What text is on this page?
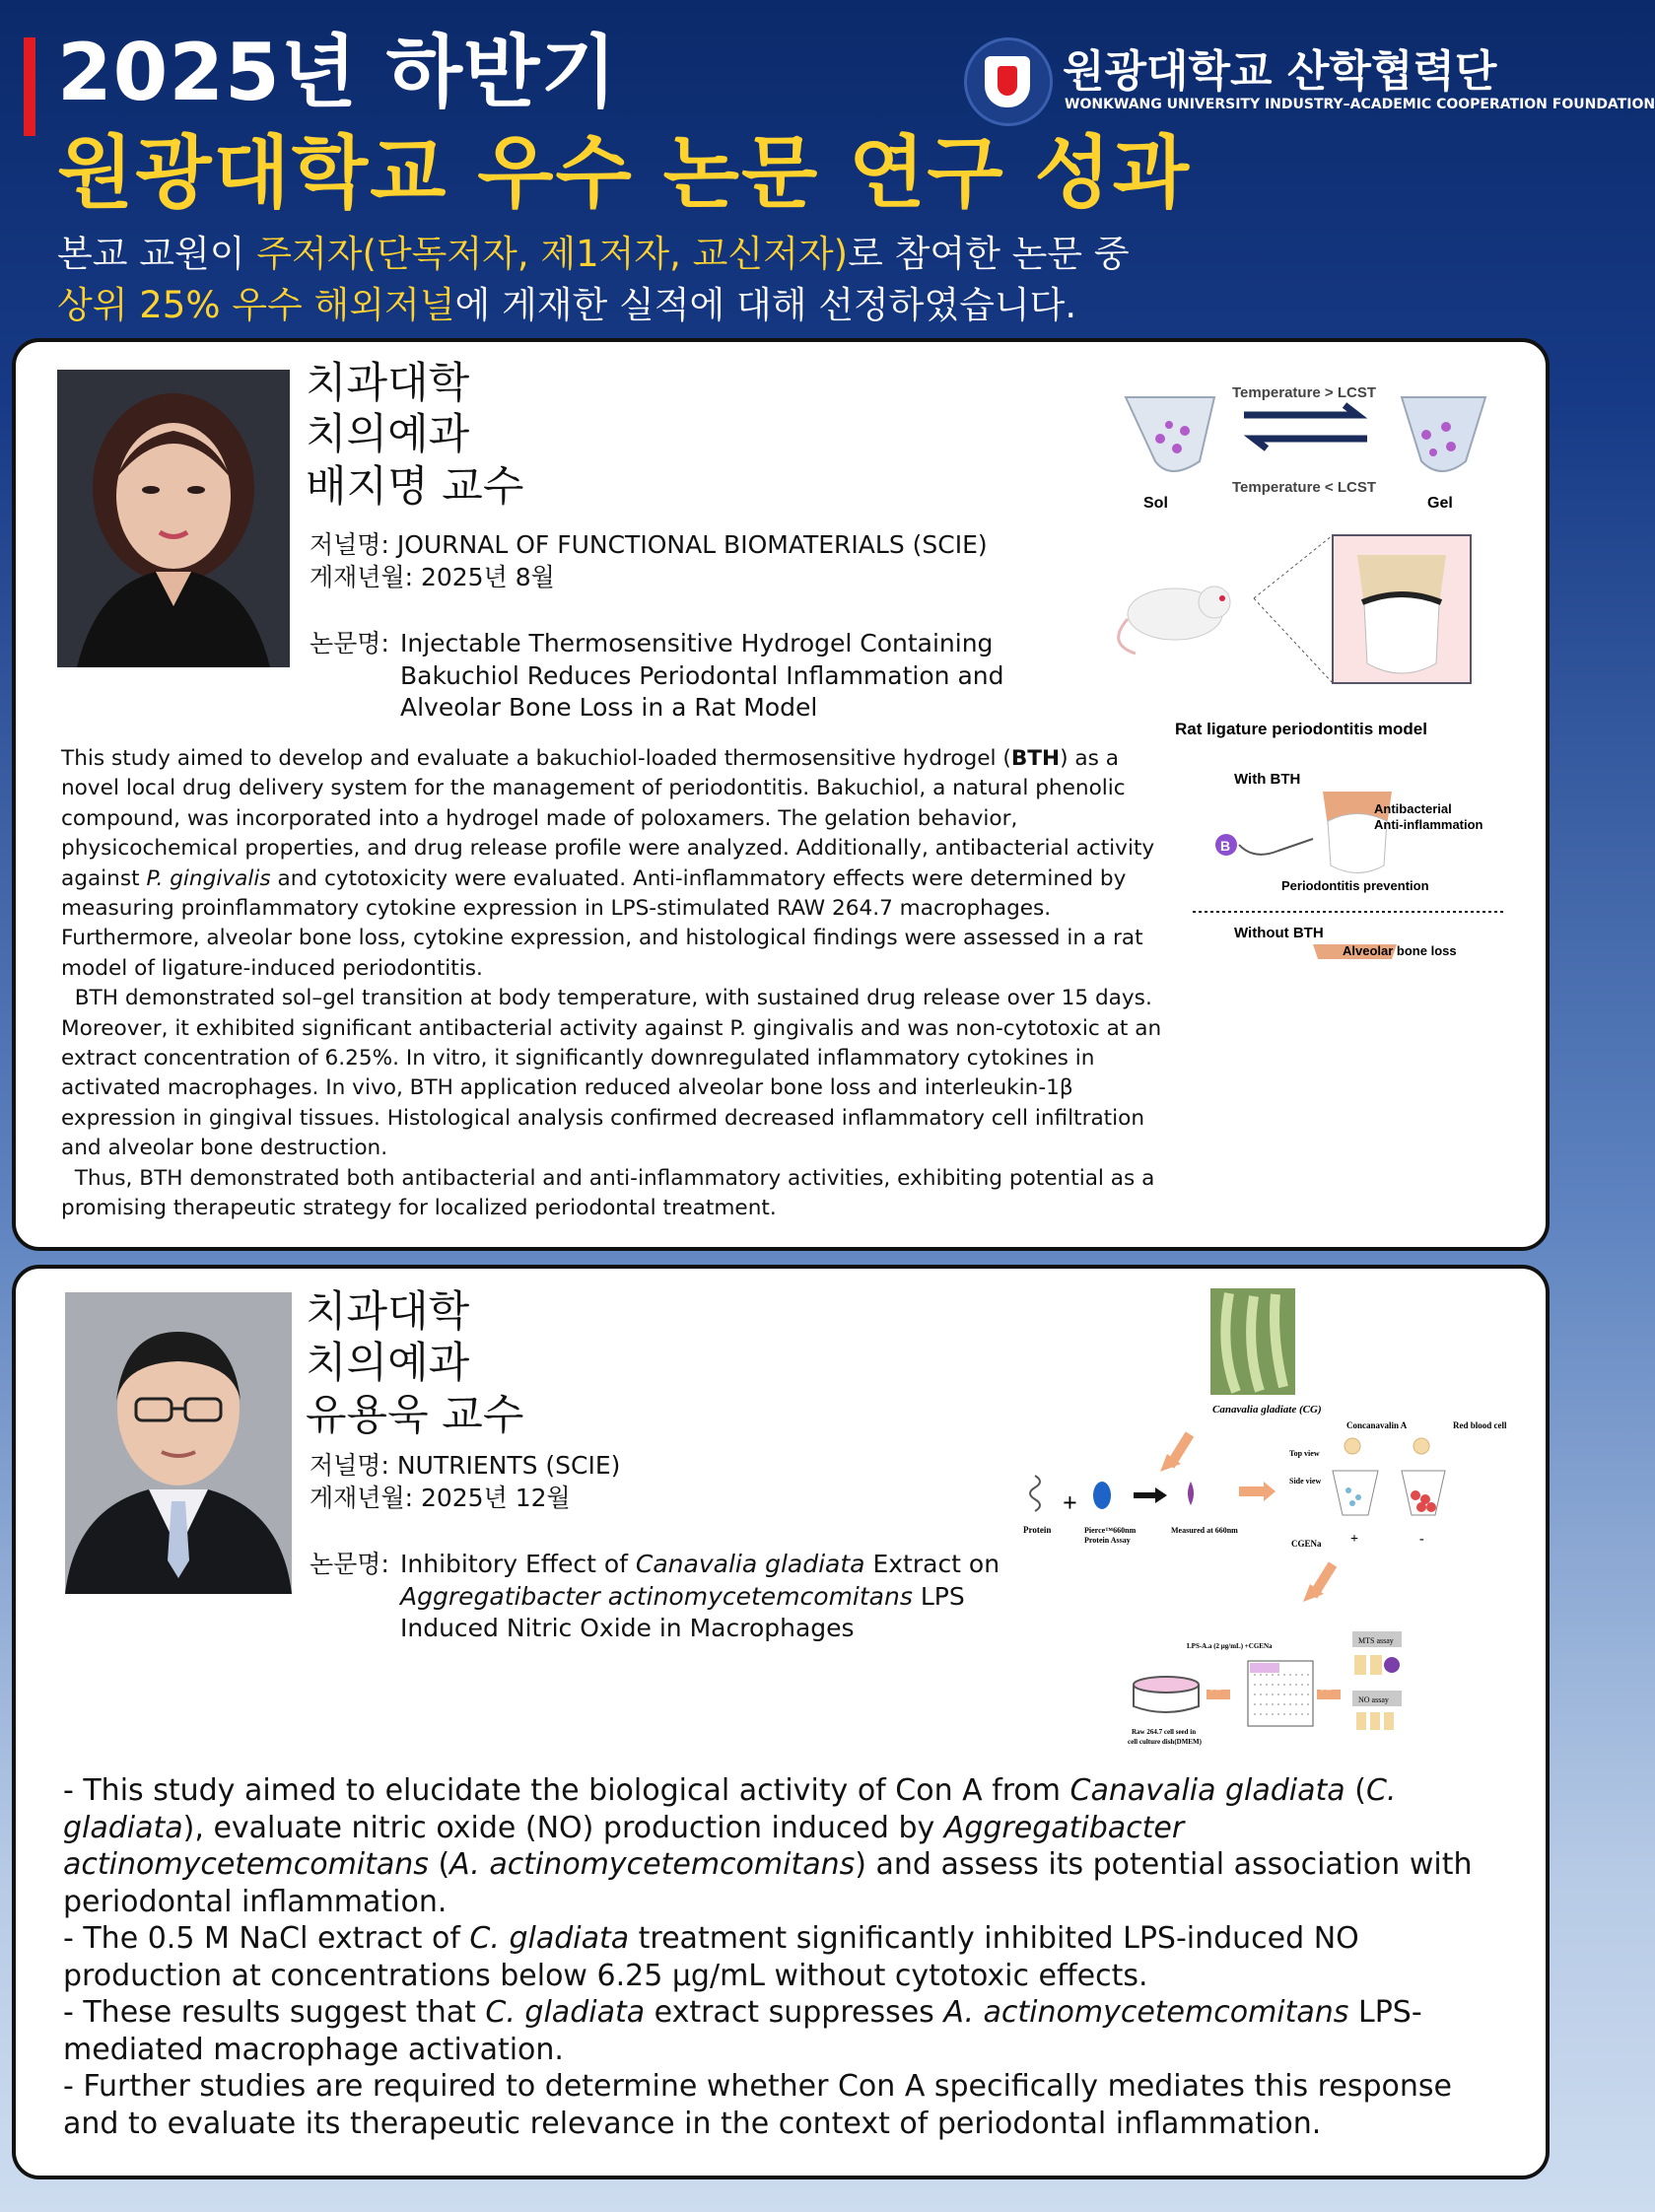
2025년 하반기
원광대학교 우수 논문 연구 성과
본교 교원이 주저자(단독저자, 제1저자, 교신저자)로 참여한 논문 중
상위 25% 우수 해외저널에 게재한 실적에 대해 선정하였습니다.
원광대학교 산학협력단
WONKWANG UNIVERSITY INDUSTRY–ACADEMIC COOPERATION FOUNDATION
치과대학
치의예과
배지명 교수
저널명: JOURNAL OF FUNCTIONAL BIOMATERIALS (SCIE)
게재년월: 2025년 8월
논문명: Injectable Thermosensitive Hydrogel Containing Bakuchiol Reduces Periodontal Inflammation and Alveolar Bone Loss in a Rat Model

This study aimed to develop and evaluate a bakuchiol-loaded thermosensitive hydrogel (BTH) as a novel local drug delivery system for the management of periodontitis. Bakuchiol, a natural phenolic compound, was incorporated into a hydrogel made of poloxamers. The gelation behavior, physicochemical properties, and drug release profile were analyzed. Additionally, antibacterial activity against P. gingivalis and cytotoxicity were evaluated. Anti-inflammatory effects were determined by measuring proinflammatory cytokine expression in LPS-stimulated RAW 264.7 macrophages. Furthermore, alveolar bone loss, cytokine expression, and histological findings were assessed in a rat model of ligature-induced periodontitis.

BTH demonstrated sol–gel transition at body temperature, with sustained drug release over 15 days. Moreover, it exhibited significant antibacterial activity against P. gingivalis and was non-cytotoxic at an extract concentration of 6.25%. In vitro, it significantly downregulated inflammatory cytokines in activated macrophages. In vivo, BTH application reduced alveolar bone loss and interleukin-1β expression in gingival tissues. Histological analysis confirmed decreased inflammatory cell infiltration and alveolar bone destruction.

Thus, BTH demonstrated both antibacterial and anti-inflammatory activities, exhibiting potential as a promising therapeutic strategy for localized periodontal treatment.

Sol
Temperature > LCST
Temperature < LCST
Gel
Rat ligature periodontitis model
With BTH
Antibacterial
Anti-inflammation
B
Periodontitis prevention
Without BTH
Alveolar bone loss
치과대학
치의예과
유용욱 교수
저널명: NUTRIENTS (SCIE)
게재년월: 2025년 12월
논문명: Inhibitory Effect of Canavalia gladiata Extract on Aggregatibacter actinomycetemcomitans LPS Induced Nitric Oxide in Macrophages
Canavalia gladiate (CG)
Protein
+
Pierce™660nm
Protein Assay
Measured at 660nm
Top view
Side view
Concanavalin A	Red blood cell
CGENa +	-
LPS-A.a (2 μg/mL) +CGENa
MTS assay
NO assay
Raw 264.7 cell seed in
cell culture dish(DMEM)
24h	24h

- This study aimed to elucidate the biological activity of Con A from Canavalia gladiata (C. gladiata), evaluate nitric oxide (NO) production induced by Aggregatibacter actinomycetemcomitans (A. actinomycetemcomitans) and assess its potential association with periodontal inflammation.

- The 0.5 M NaCl extract of C. gladiata treatment significantly inhibited LPS-induced NO production at concentrations below 6.25 μg/mL without cytotoxic effects.

- These results suggest that C. gladiata extract suppresses A. actinomycetemcomitans LPS-mediated macrophage activation.

- Further studies are required to determine whether Con A specifically mediates this response and to evaluate its therapeutic relevance in the context of periodontal inflammation.
